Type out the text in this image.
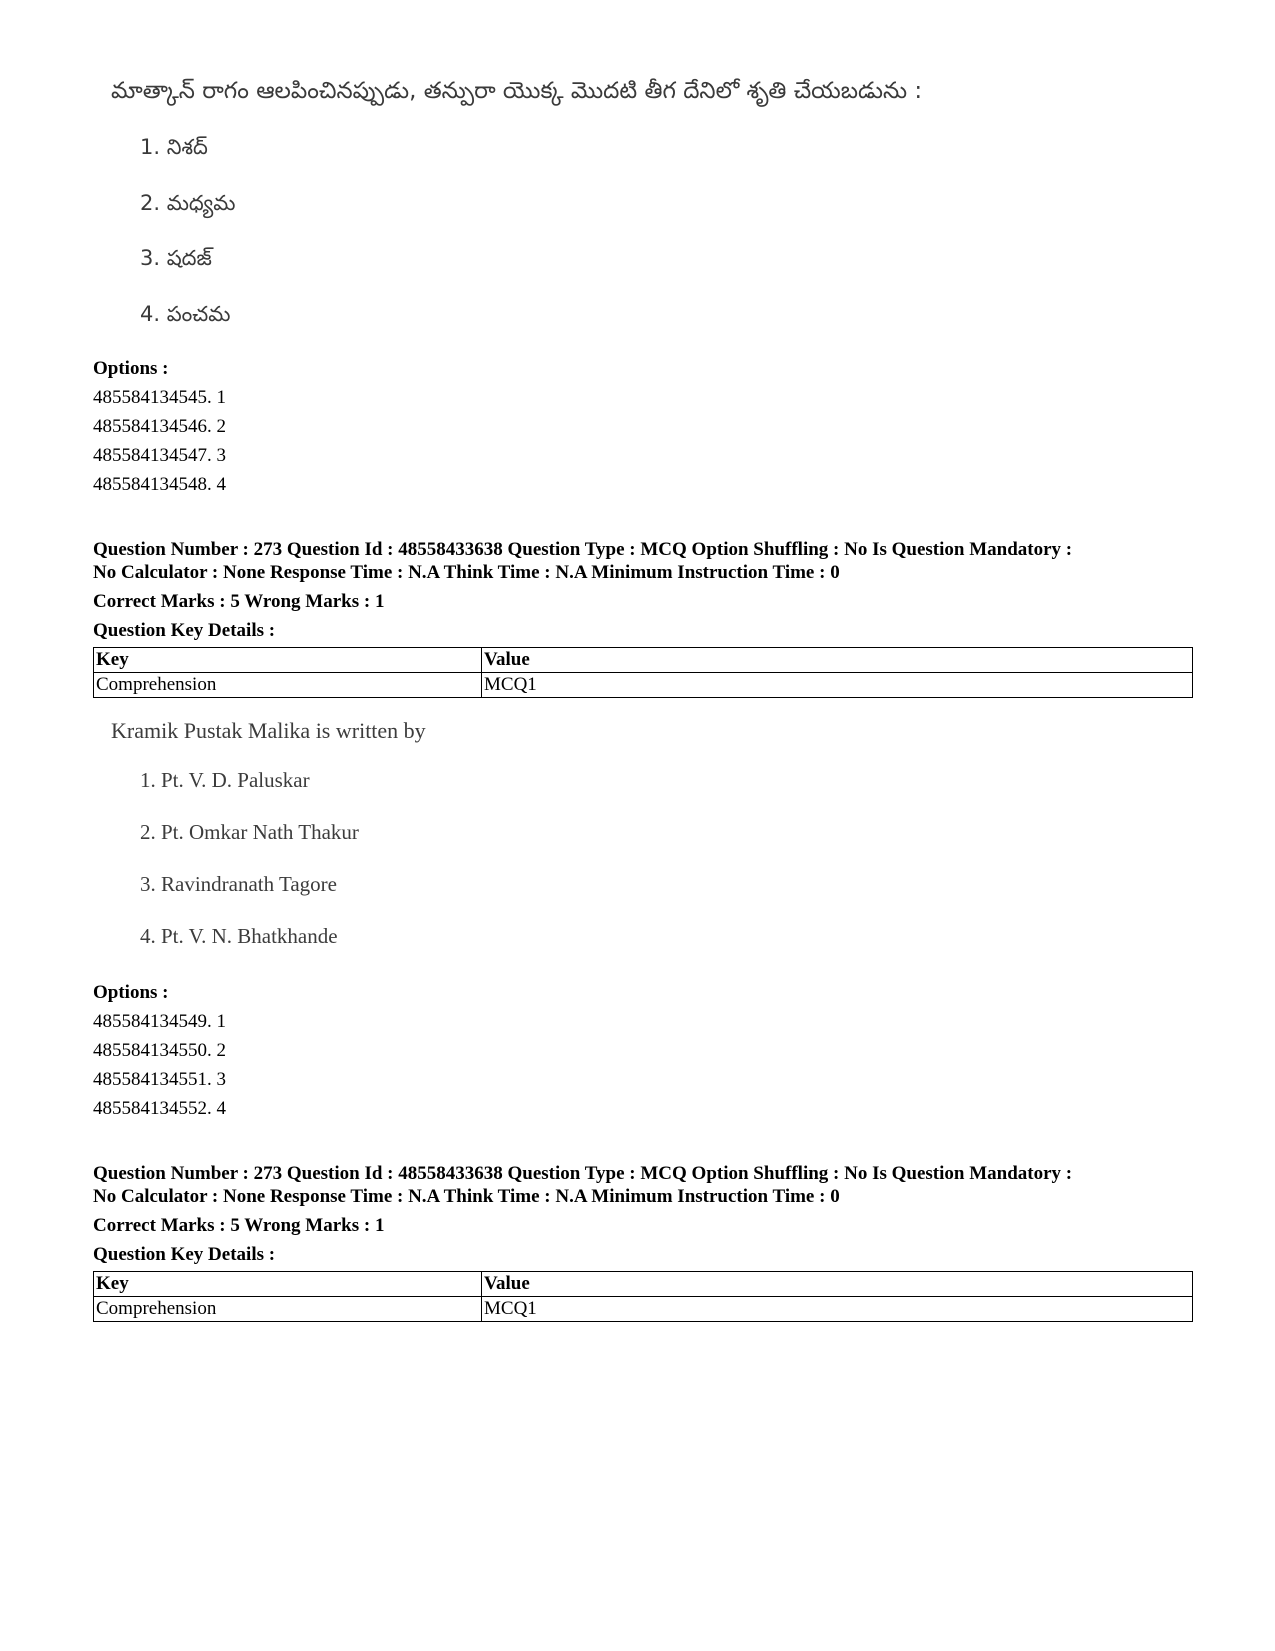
మాత్కాన్ రాగం ఆలపించినప్పుడు, తన్పురా యొక్క మొదటి తీగ దేనిలో శృతి చేయబడును :
1. నిశద్
2. మధ్యమ
3. షదజ్
4. పంచమ
Options :
485584134545. 1
485584134546. 2
485584134547. 3
485584134548. 4
Question Number : 273 Question Id : 48558433638 Question Type : MCQ Option Shuffling : No Is Question Mandatory :
No Calculator : None Response Time : N.A Think Time : N.A Minimum Instruction Time : 0
Correct Marks : 5 Wrong Marks : 1
Question Key Details :
Key	Value
Comprehension	MCQ1
Kramik Pustak Malika is written by
1. Pt. V. D. Paluskar
2. Pt. Omkar Nath Thakur
3. Ravindranath Tagore
4. Pt. V. N. Bhatkhande
Options :
485584134549. 1
485584134550. 2
485584134551. 3
485584134552. 4
Question Number : 273 Question Id : 48558433638 Question Type : MCQ Option Shuffling : No Is Question Mandatory :
No Calculator : None Response Time : N.A Think Time : N.A Minimum Instruction Time : 0
Correct Marks : 5 Wrong Marks : 1
Question Key Details :
Key	Value
Comprehension	MCQ1
